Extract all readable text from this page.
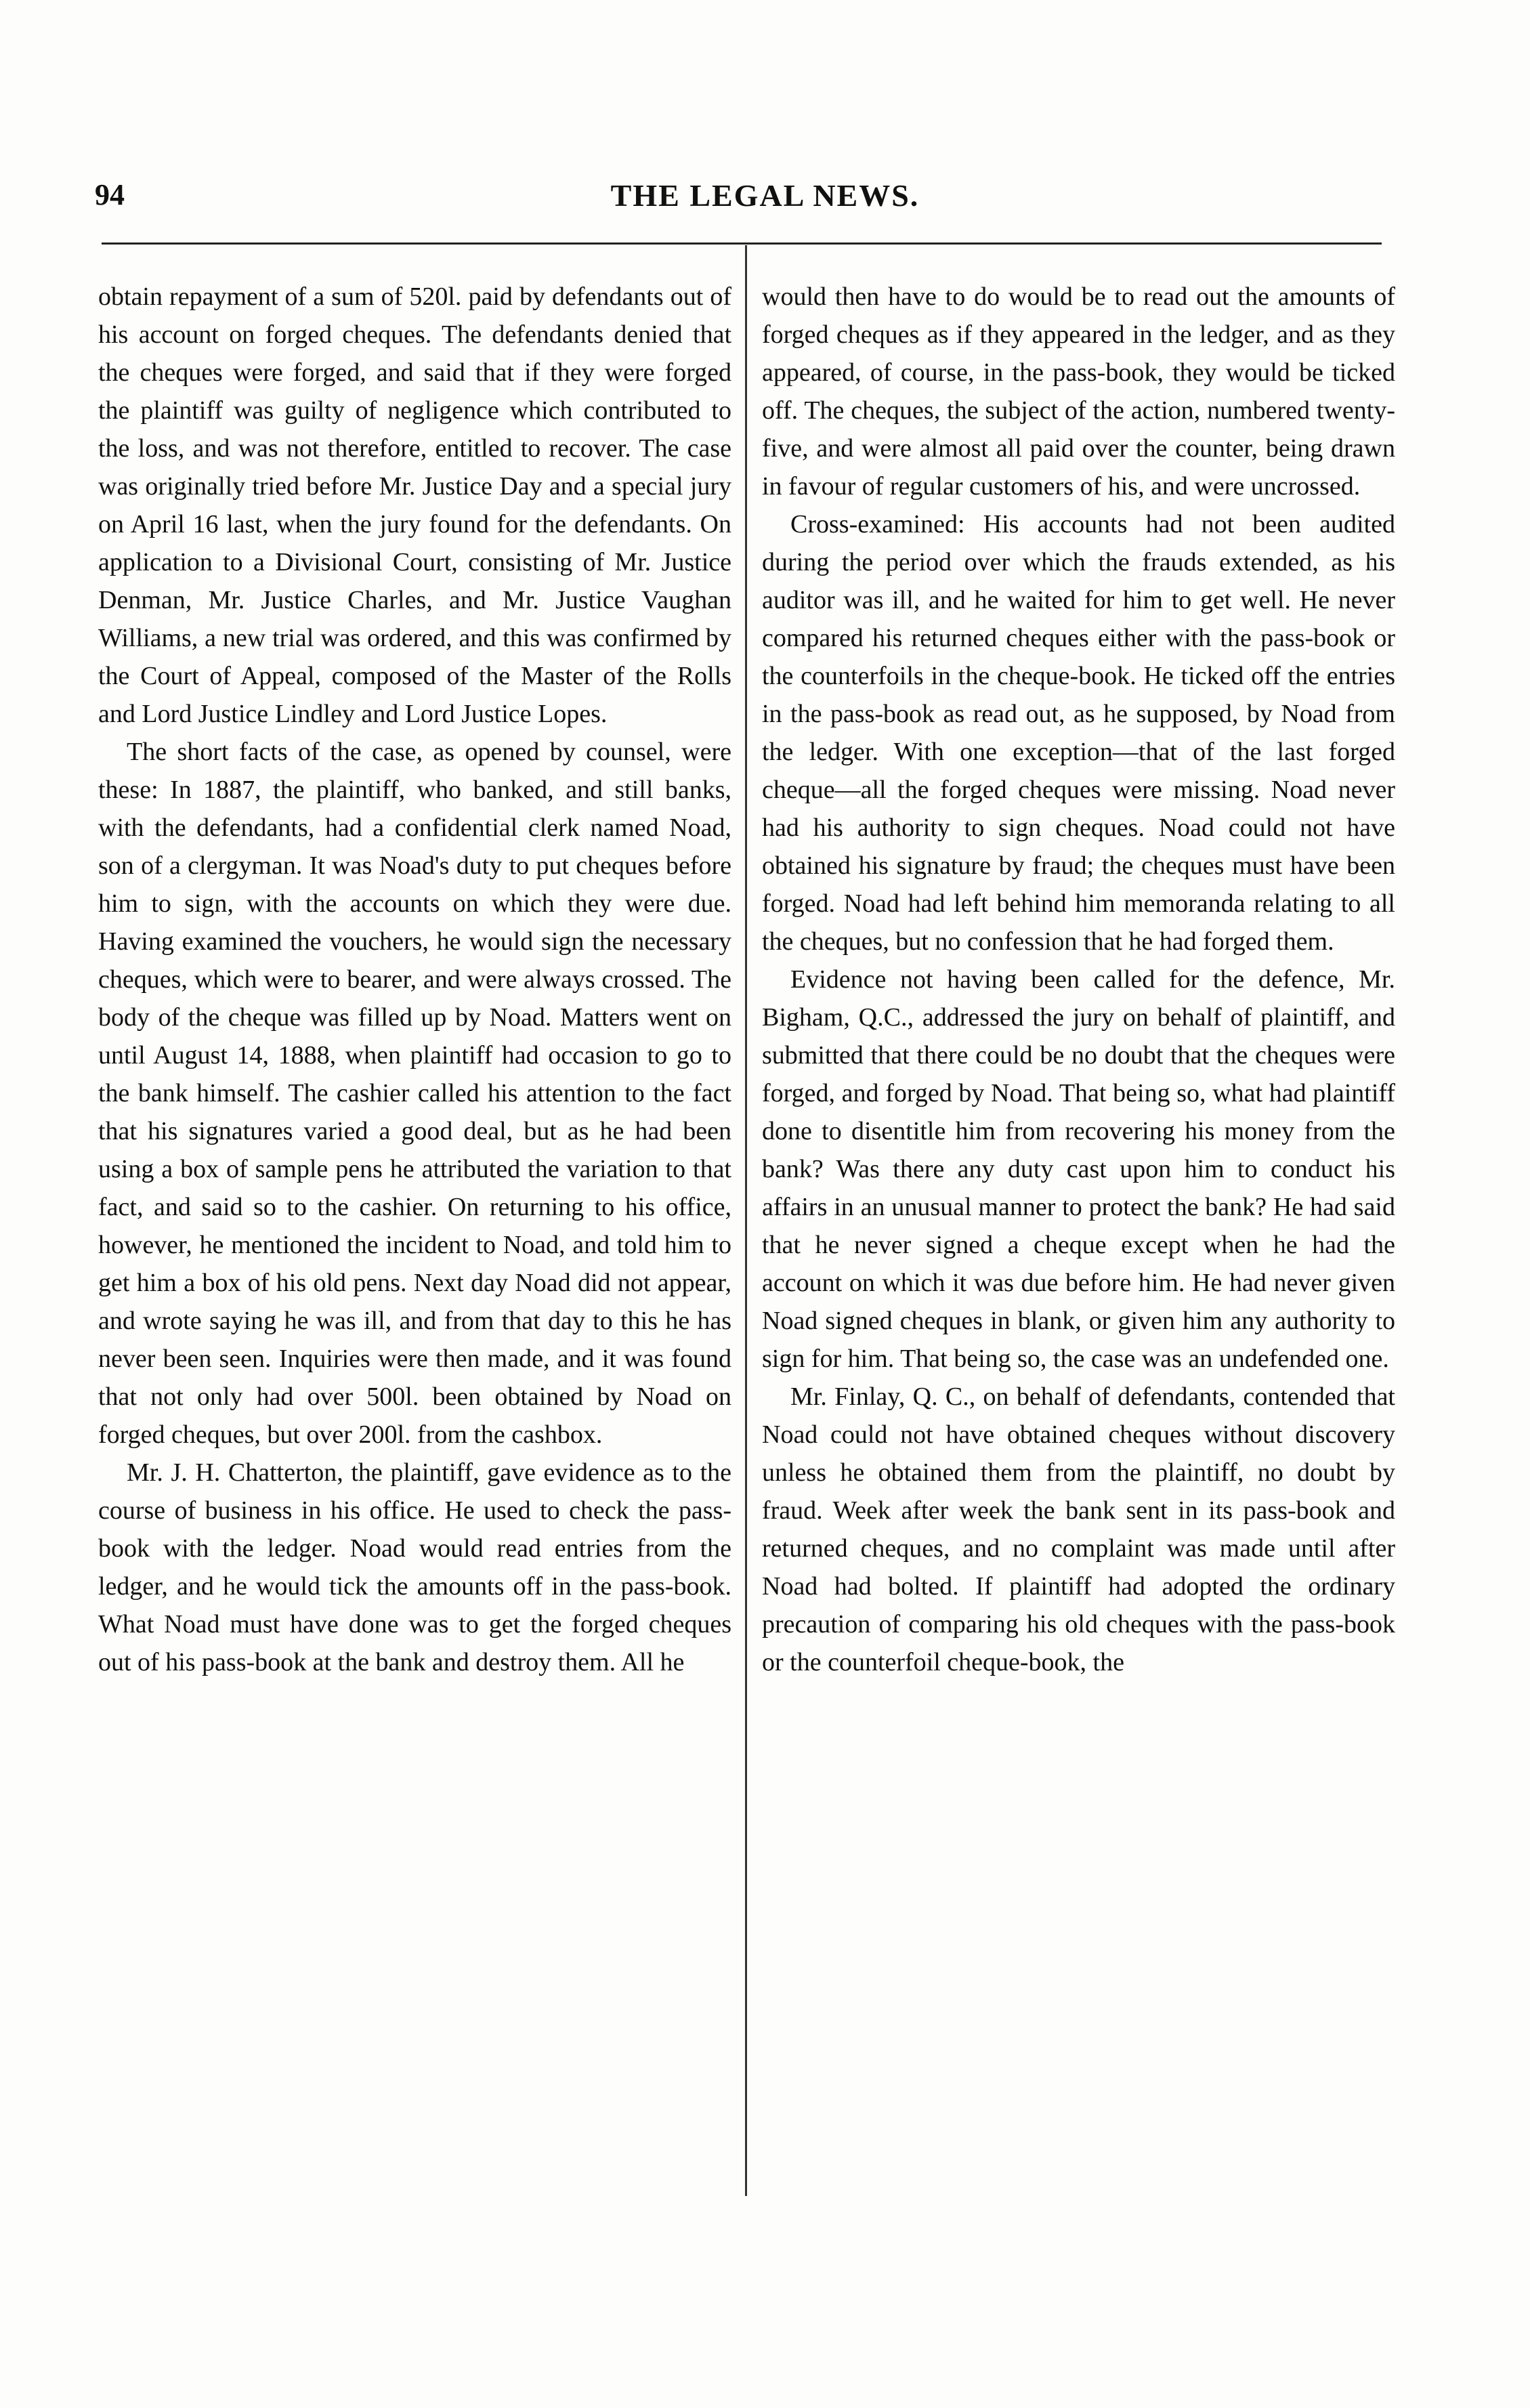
94	THE LEGAL NEWS.

obtain repayment of a sum of 520l. paid by defendants out of his account on forged cheques. The defendants denied that the cheques were forged, and said that if they were forged the plaintiff was guilty of negligence which contributed to the loss, and was not therefore, entitled to recover. The case was originally tried before Mr. Justice Day and a special jury on April 16 last, when the jury found for the defendants. On application to a Divisional Court, consisting of Mr. Justice Denman, Mr. Justice Charles, and Mr. Justice Vaughan Williams, a new trial was ordered, and this was confirmed by the Court of Appeal, composed of the Master of the Rolls and Lord Justice Lindley and Lord Justice Lopes.

The short facts of the case, as opened by counsel, were these: In 1887, the plaintiff, who banked, and still banks, with the defendants, had a confidential clerk named Noad, son of a clergyman. It was Noad's duty to put cheques before him to sign, with the accounts on which they were due. Having examined the vouchers, he would sign the necessary cheques, which were to bearer, and were always crossed. The body of the cheque was filled up by Noad. Matters went on until August 14, 1888, when plaintiff had occasion to go to the bank himself. The cashier called his attention to the fact that his signatures varied a good deal, but as he had been using a box of sample pens he attributed the variation to that fact, and said so to the cashier. On returning to his office, however, he mentioned the incident to Noad, and told him to get him a box of his old pens. Next day Noad did not appear, and wrote saying he was ill, and from that day to this he has never been seen. Inquiries were then made, and it was found that not only had over 500l. been obtained by Noad on forged cheques, but over 200l. from the cashbox.

Mr. J. H. Chatterton, the plaintiff, gave evidence as to the course of business in his office. He used to check the pass-book with the ledger. Noad would read entries from the ledger, and he would tick the amounts off in the pass-book. What Noad must have done was to get the forged cheques out of his pass-book at the bank and destroy them. All he

would then have to do would be to read out the amounts of forged cheques as if they appeared in the ledger, and as they appeared, of course, in the pass-book, they would be ticked off. The cheques, the subject of the action, numbered twenty-five, and were almost all paid over the counter, being drawn in favour of regular customers of his, and were uncrossed.

Cross-examined: His accounts had not been audited during the period over which the frauds extended, as his auditor was ill, and he waited for him to get well. He never compared his returned cheques either with the pass-book or the counterfoils in the cheque-book. He ticked off the entries in the pass-book as read out, as he supposed, by Noad from the ledger. With one exception—that of the last forged cheque—all the forged cheques were missing. Noad never had his authority to sign cheques. Noad could not have obtained his signature by fraud; the cheques must have been forged. Noad had left behind him memoranda relating to all the cheques, but no confession that he had forged them.

Evidence not having been called for the defence, Mr. Bigham, Q.C., addressed the jury on behalf of plaintiff, and submitted that there could be no doubt that the cheques were forged, and forged by Noad. That being so, what had plaintiff done to disentitle him from recovering his money from the bank? Was there any duty cast upon him to conduct his affairs in an unusual manner to protect the bank? He had said that he never signed a cheque except when he had the account on which it was due before him. He had never given Noad signed cheques in blank, or given him any authority to sign for him. That being so, the case was an undefended one.

Mr. Finlay, Q. C., on behalf of defendants, contended that Noad could not have obtained cheques without discovery unless he obtained them from the plaintiff, no doubt by fraud. Week after week the bank sent in its pass-book and returned cheques, and no complaint was made until after Noad had bolted. If plaintiff had adopted the ordinary precaution of comparing his old cheques with the pass-book or the counterfoil cheque-book, the
